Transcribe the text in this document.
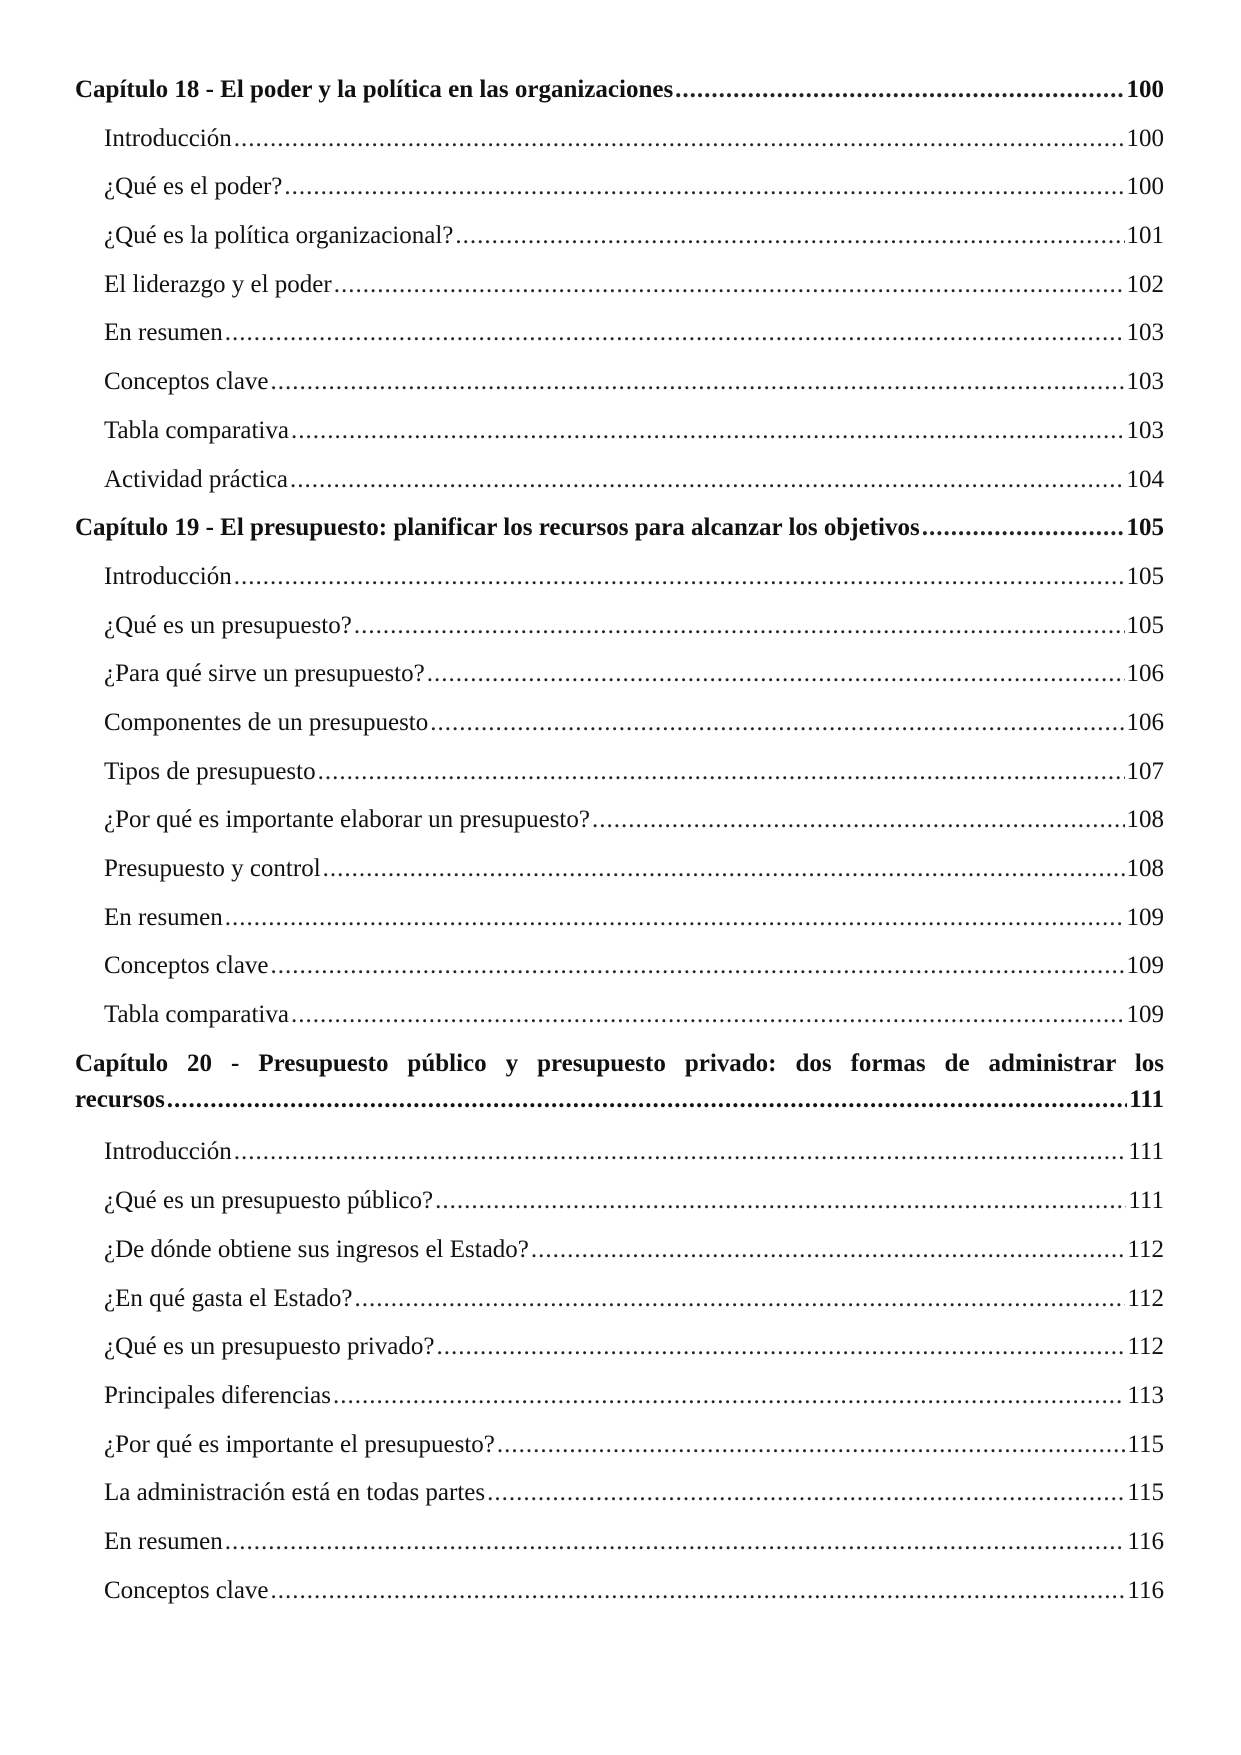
Capítulo 18 - El poder y la política en las organizaciones .....	100
Introducción .....	100
¿Qué es el poder? .....	100
¿Qué es la política organizacional? .....	101
El liderazgo y el poder .....	102
En resumen .....	103
Conceptos clave .....	103
Tabla comparativa .....	103
Actividad práctica .....	104
Capítulo 19 - El presupuesto: planificar los recursos para alcanzar los objetivos .....	105
Introducción .....	105
¿Qué es un presupuesto? .....	105
¿Para qué sirve un presupuesto? .....	106
Componentes de un presupuesto .....	106
Tipos de presupuesto .....	107
¿Por qué es importante elaborar un presupuesto? .....	108
Presupuesto y control .....	108
En resumen .....	109
Conceptos clave .....	109
Tabla comparativa .....	109
Capítulo 20 - Presupuesto público y presupuesto privado: dos formas de administrar los
recursos .....	111
Introducción .....	111
¿Qué es un presupuesto público? .....	111
¿De dónde obtiene sus ingresos el Estado? .....	112
¿En qué gasta el Estado? .....	112
¿Qué es un presupuesto privado? .....	112
Principales diferencias .....	113
¿Por qué es importante el presupuesto? .....	115
La administración está en todas partes .....	115
En resumen .....	116
Conceptos clave .....	116
